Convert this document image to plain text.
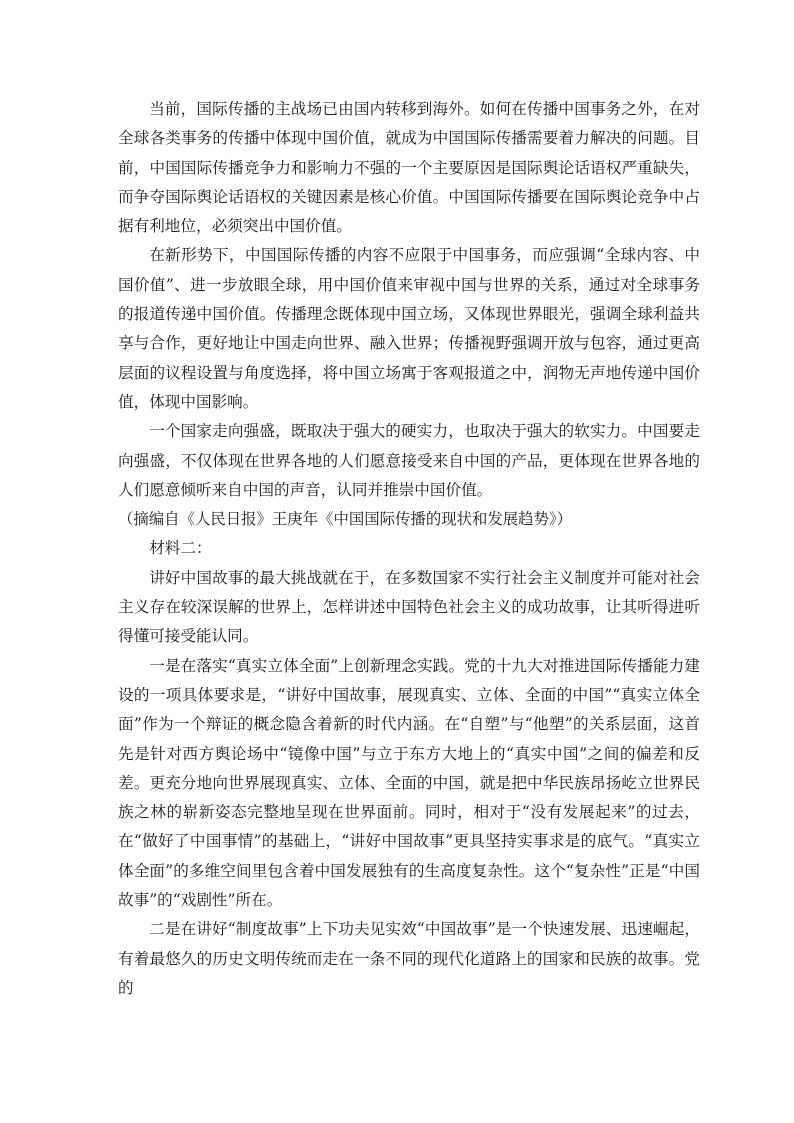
当前，国际传播的主战场已由国内转移到海外。如何在传播中国事务之外，在对全球各类事务的传播中体现中国价值，就成为中国国际传播需要着力解决的问题。目前，中国国际传播竞争力和影响力不强的一个主要原因是国际舆论话语权严重缺失，而争夺国际舆论话语权的关键因素是核心价值。中国国际传播要在国际舆论竞争中占据有利地位，必须突出中国价值。

在新形势下，中国国际传播的内容不应限于中国事务，而应强调“全球内容、中国价值”、进一步放眼全球，用中国价值来审视中国与世界的关系，通过对全球事务的报道传递中国价值。传播理念既体现中国立场，又体现世界眼光，强调全球利益共享与合作，更好地让中国走向世界、融入世界；传播视野强调开放与包容，通过更高层面的议程设置与角度选择，将中国立场寓于客观报道之中，润物无声地传递中国价值，体现中国影响。

一个国家走向强盛，既取决于强大的硬实力，也取决于强大的软实力。中国要走向强盛，不仅体现在世界各地的人们愿意接受来自中国的产品，更体现在世界各地的人们愿意倾听来自中国的声音，认同并推崇中国价值。

（摘编自《人民日报》王庚年《中国国际传播的现状和发展趋势》）

材料二：

讲好中国故事的最大挑战就在于，在多数国家不实行社会主义制度并可能对社会主义存在较深误解的世界上，怎样讲述中国特色社会主义的成功故事，让其听得进听得懂可接受能认同。

一是在落实“真实立体全面”上创新理念实践。党的十九大对推进国际传播能力建设的一项具体要求是，“讲好中国故事，展现真实、立体、全面的中国”“真实立体全面”作为一个辩证的概念隐含着新的时代内涵。在“自塑”与“他塑”的关系层面，这首先是针对西方舆论场中“镜像中国”与立于东方大地上的“真实中国”之间的偏差和反差。更充分地向世界展现真实、立体、全面的中国，就是把中华民族昂扬屹立世界民族之林的崭新姿态完整地呈现在世界面前。同时，相对于“没有发展起来”的过去，在“做好了中国事情”的基础上，“讲好中国故事”更具坚持实事求是的底气。“真实立体全面”的多维空间里包含着中国发展独有的生高度复杂性。这个“复杂性”正是“中国故事”的“戏剧性”所在。

二是在讲好“制度故事”上下功夫见实效“中国故事”是一个快速发展、迅速崛起，有着最悠久的历史文明传统而走在一条不同的现代化道路上的国家和民族的故事。党的
